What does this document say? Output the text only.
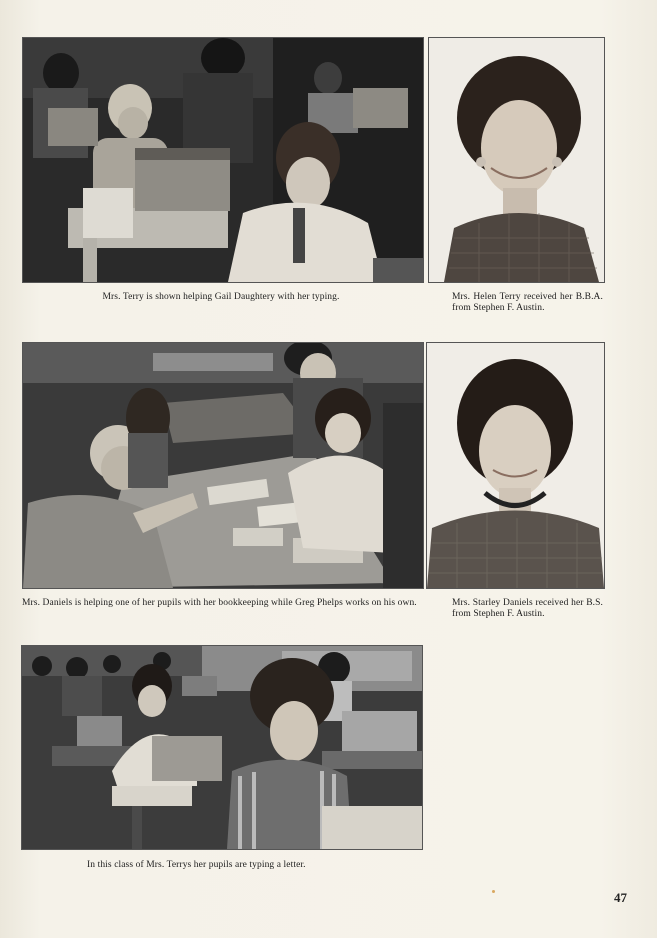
Mrs. Terry is shown helping Gail Daughtery with her typing.	Mrs. Helen Terry received her B.B.A. from Stephen F. Austin.
Mrs. Daniels is helping one of her pupils with her bookkeeping while Greg Phelps works on his own.	Mrs. Starley Daniels received her B.S. from Stephen F. Austin.
In this class of Mrs. Terrys her pupils are typing a letter.
47
